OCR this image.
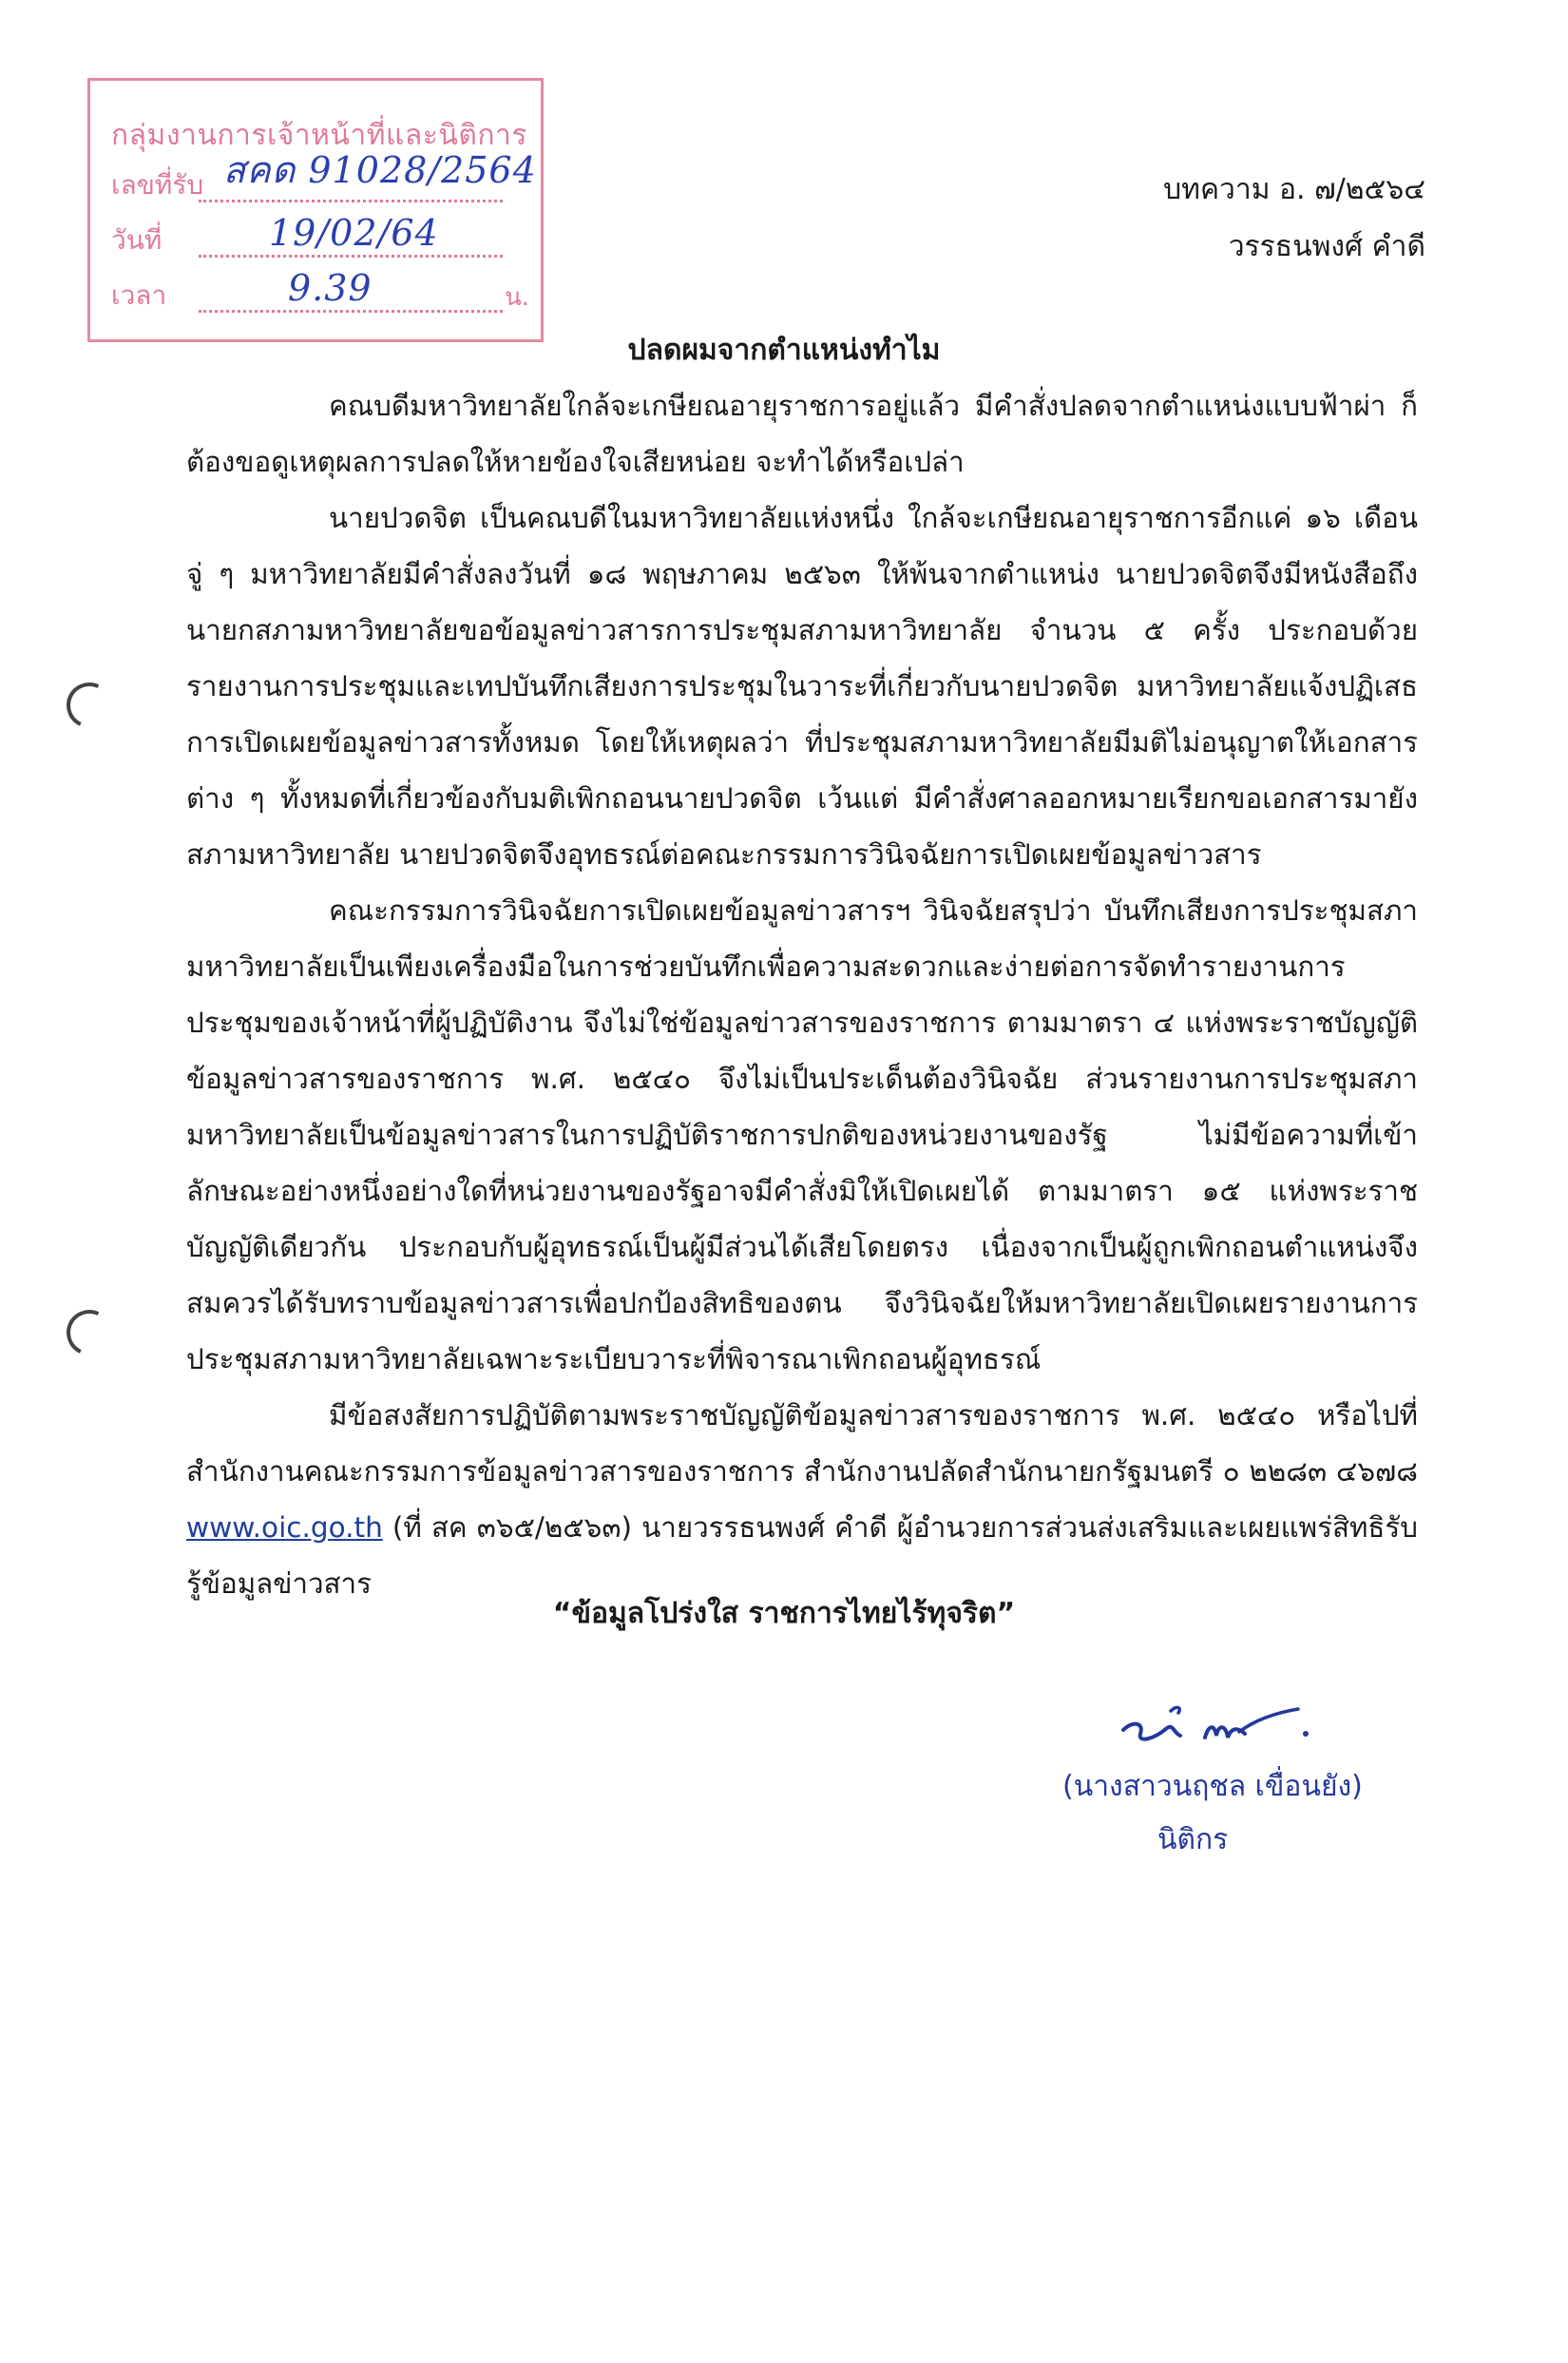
กลุ่มงานการเจ้าหน้าที่และนิติการ
เลขที่รับ สคด 91028/2564
วันที่	19/02/64
เวลา	9.39	น.
บทความ อ. ๗/๒๕๖๔
วรรธนพงศ์ คำดี
ปลดผมจากตำแหน่งทำไม

คณบดีมหาวิทยาลัยใกล้จะเกษียณอายุราชการอยู่แล้ว มีคำสั่งปลดจากตำแหน่งแบบฟ้าผ่า ก็ต้องขอดูเหตุผลการปลดให้หายข้องใจเสียหน่อย จะทำได้หรือเปล่า

นายปวดจิต เป็นคณบดีในมหาวิทยาลัยแห่งหนึ่ง ใกล้จะเกษียณอายุราชการอีกแค่ ๑๖ เดือน จู่ ๆ มหาวิทยาลัยมีคำสั่งลงวันที่ ๑๘ พฤษภาคม ๒๕๖๓ ให้พ้นจากตำแหน่ง นายปวดจิตจึงมีหนังสือถึงนายกสภามหาวิทยาลัยขอข้อมูลข่าวสารการประชุมสภามหาวิทยาลัย จำนวน ๕ ครั้ง ประกอบด้วย รายงานการประชุมและเทปบันทึกเสียงการประชุมในวาระที่เกี่ยวกับนายปวดจิต มหาวิทยาลัยแจ้งปฏิเสธการเปิดเผยข้อมูลข่าวสารทั้งหมด โดยให้เหตุผลว่า ที่ประชุมสภามหาวิทยาลัยมีมติไม่อนุญาตให้เอกสารต่าง ๆ ทั้งหมดที่เกี่ยวข้องกับมติเพิกถอนนายปวดจิต เว้นแต่ มีคำสั่งศาลออกหมายเรียกขอเอกสารมายังสภามหาวิทยาลัย นายปวดจิตจึงอุทธรณ์ต่อคณะกรรมการวินิจฉัยการเปิดเผยข้อมูลข่าวสาร

คณะกรรมการวินิจฉัยการเปิดเผยข้อมูลข่าวสารฯ วินิจฉัยสรุปว่า บันทึกเสียงการประชุมสภามหาวิทยาลัยเป็นเพียงเครื่องมือในการช่วยบันทึกเพื่อความสะดวกและง่ายต่อการจัดทำรายงานการประชุมของเจ้าหน้าที่ผู้ปฏิบัติงาน จึงไม่ใช่ข้อมูลข่าวสารของราชการ ตามมาตรา ๔ แห่งพระราชบัญญัติข้อมูลข่าวสารของราชการ พ.ศ. ๒๕๔๐ จึงไม่เป็นประเด็นต้องวินิจฉัย ส่วนรายงานการประชุมสภามหาวิทยาลัยเป็นข้อมูลข่าวสารในการปฏิบัติราชการปกติของหน่วยงานของรัฐ ไม่มีข้อความที่เข้าลักษณะอย่างหนึ่งอย่างใดที่หน่วยงานของรัฐอาจมีคำสั่งมิให้เปิดเผยได้ ตามมาตรา ๑๕ แห่งพระราชบัญญัติเดียวกัน ประกอบกับผู้อุทธรณ์เป็นผู้มีส่วนได้เสียโดยตรง เนื่องจากเป็นผู้ถูกเพิกถอนตำแหน่งจึงสมควรได้รับทราบข้อมูลข่าวสารเพื่อปกป้องสิทธิของตน จึงวินิจฉัยให้มหาวิทยาลัยเปิดเผยรายงานการประชุมสภามหาวิทยาลัยเฉพาะระเบียบวาระที่พิจารณาเพิกถอนผู้อุทธรณ์

มีข้อสงสัยการปฏิบัติตามพระราชบัญญัติข้อมูลข่าวสารของราชการ พ.ศ. ๒๕๔๐ หรือไปที่สำนักงานคณะกรรมการข้อมูลข่าวสารของราชการ สำนักงานปลัดสำนักนายกรัฐมนตรี ๐ ๒๒๘๓ ๔๖๗๘ www.oic.go.th (ที่ สค ๓๖๕/๒๕๖๓) นายวรรธนพงศ์ คำดี ผู้อำนวยการส่วนส่งเสริมและเผยแพร่สิทธิรับรู้ข้อมูลข่าวสาร

“ข้อมูลโปร่งใส ราชการไทยไร้ทุจริต”
(นางสาวนฤชล เขื่อนยัง)
นิติกร
